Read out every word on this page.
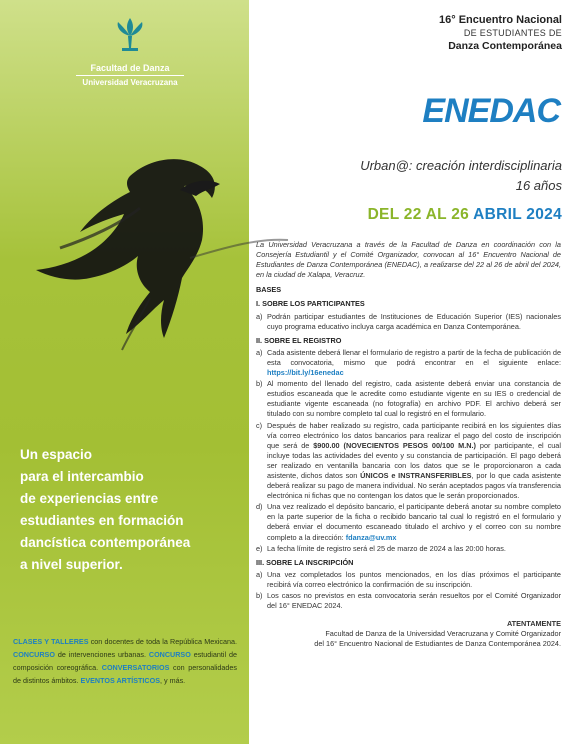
Facultad de Danza
Universidad Veracruzana
Un espacio
para el intercambio
de experiencias entre
estudiantes en formación
dancística contemporánea
a nivel superior.
CLASES Y TALLERES con docentes de toda la República Mexicana. CONCURSO de intervenciones urbanas. CONCURSO estudiantil de composición coreográfica. CONVERSATORIOS con personalidades de distintos ámbitos. EVENTOS ARTÍSTICOS, y más.
16° Encuentro Nacional
DE ESTUDIANTES DE
Danza Contemporánea
ENEDAC
Urban@: creación interdisciplinaria
16 años
DEL 22 AL 26 ABRIL 2024

La Universidad Veracruzana a través de la Facultad de Danza en coordinación con la Consejería Estudiantil y el Comité Organizador, convocan al 16° Encuentro Nacional de Estudiantes de Danza Contemporánea (ENEDAC), a realizarse del 22 al 26 de abril del 2024, en la ciudad de Xalapa, Veracruz.

BASES
I. SOBRE LOS PARTICIPANTES
a) Podrán participar estudiantes de Instituciones de Educación Superior (IES) nacionales cuyo programa educativo incluya carga académica en Danza Contemporánea.
II. SOBRE EL REGISTRO
a) Cada asistente deberá llenar el formulario de registro a partir de la fecha de publicación de esta convocatoria, mismo que podrá encontrar en el siguiente enlace: https://bit.ly/16enedac
b) Al momento del llenado del registro, cada asistente deberá enviar una constancia de estudios escaneada que le acredite como estudiante vigente en su IES o credencial de estudiante vigente escaneada (no fotografía) en archivo PDF. El archivo deberá ser titulado con su nombre completo tal cual lo registró en el formulario.
c) Después de haber realizado su registro, cada participante recibirá en los siguientes días vía correo electrónico los datos bancarios para realizar el pago del costo de inscripción que será de $900.00 (NOVECIENTOS PESOS 00/100 M.N.) por participante, el cual incluye todas las actividades del evento y su constancia de participación. El pago deberá ser realizado en ventanilla bancaria con los datos que se le proporcionaron a cada asistente, dichos datos son ÚNICOS e INSTRANSFERIBLES, por lo que cada asistente deberá realizar su pago de manera individual. No serán aceptados pagos vía transferencia electrónica ni fichas que no contengan los datos que le serán proporcionados.
d) Una vez realizado el depósito bancario, el participante deberá anotar su nombre completo en la parte superior de la ficha o recibido bancario tal cual lo registró en el formulario y deberá enviar el documento escaneado titulado el archivo y el correo con su nombre completo a la dirección: fdanza@uv.mx
e) La fecha límite de registro será el 25 de marzo de 2024 a las 20:00 horas.
III. SOBRE LA INSCRIPCIÓN
a) Una vez completados los puntos mencionados, en los días próximos el participante recibirá vía correo electrónico la confirmación de su inscripción.
b) Los casos no previstos en esta convocatoria serán resueltos por el Comité Organizador del 16° ENEDAC 2024.
ATENTAMENTE
Facultad de Danza de la Universidad Veracruzana y Comité Organizador
del 16° Encuentro Nacional de Estudiantes de Danza Contemporánea 2024.
